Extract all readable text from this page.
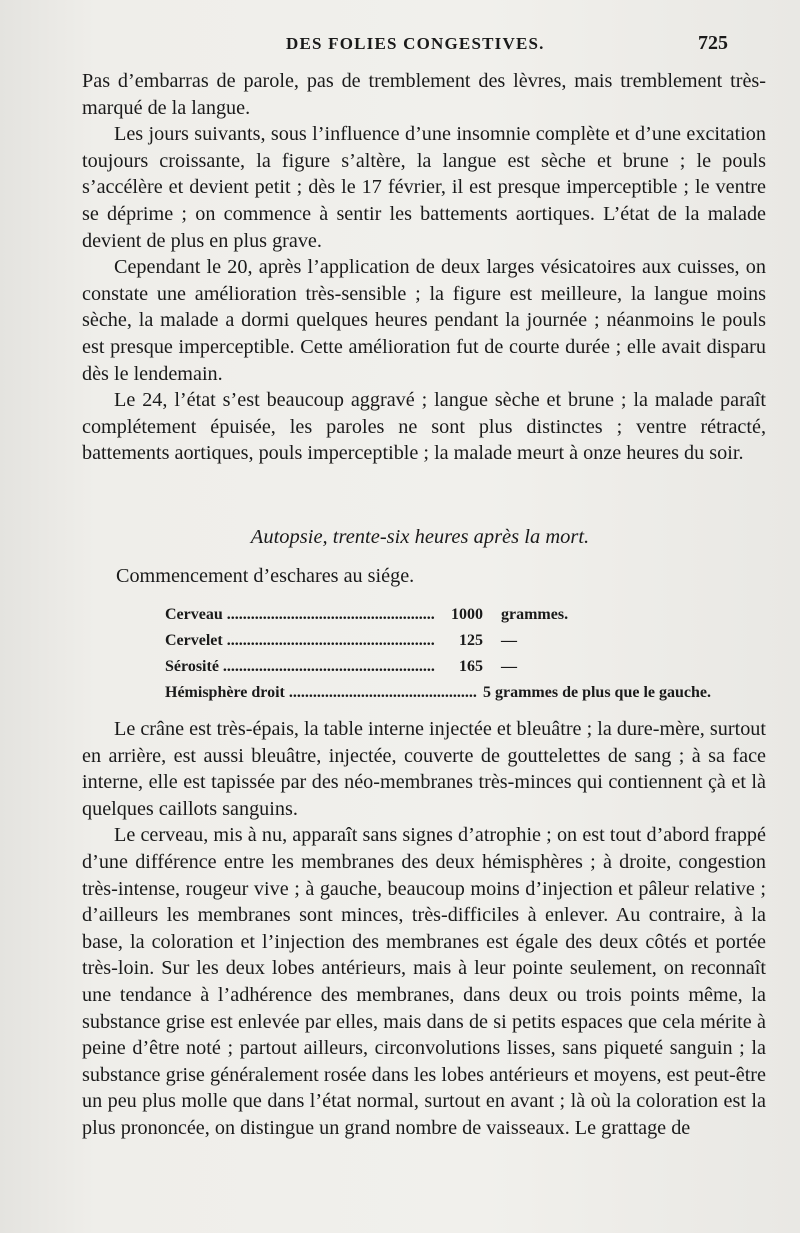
DES FOLIES CONGESTIVES.	725

Pas d’embarras de parole, pas de tremblement des lèvres, mais tremblement très-marqué de la langue.

Les jours suivants, sous l’influence d’une insomnie complète et d’une excitation toujours croissante, la figure s’altère, la langue est sèche et brune ; le pouls s’accélère et devient petit ; dès le 17 février, il est presque imperceptible ; le ventre se déprime ; on commence à sentir les battements aortiques. L’état de la malade devient de plus en plus grave.

Cependant le 20, après l’application de deux larges vésicatoires aux cuisses, on constate une amélioration très-sensible ; la figure est meilleure, la langue moins sèche, la malade a dormi quelques heures pendant la journée ; néanmoins le pouls est presque imperceptible. Cette amélioration fut de courte durée ; elle avait disparu dès le lendemain.

Le 24, l’état s’est beaucoup aggravé ; langue sèche et brune ; la malade paraît complétement épuisée, les paroles ne sont plus distinctes ; ventre rétracté, battements aortiques, pouls imperceptible ; la malade meurt à onze heures du soir.

Autopsie, trente-six heures après la mort.
Commencement d’eschares au siége.
Cerveau .....	1000	grammes.
Cervelet .....	125	—
Sérosité .....	165	—
Hémisphère droit .....	5 grammes de plus que le gauche.

Le crâne est très-épais, la table interne injectée et bleuâtre ; la dure-mère, surtout en arrière, est aussi bleuâtre, injectée, couverte de gouttelettes de sang ; à sa face interne, elle est tapissée par des néo-membranes très-minces qui contiennent çà et là quelques caillots sanguins.

Le cerveau, mis à nu, apparaît sans signes d’atrophie ; on est tout d’abord frappé d’une différence entre les membranes des deux hémisphères ; à droite, congestion très-intense, rougeur vive ; à gauche, beaucoup moins d’injection et pâleur relative ; d’ailleurs les membranes sont minces, très-difficiles à enlever. Au contraire, à la base, la coloration et l’injection des membranes est égale des deux côtés et portée très-loin. Sur les deux lobes antérieurs, mais à leur pointe seulement, on reconnaît une tendance à l’adhérence des membranes, dans deux ou trois points même, la substance grise est enlevée par elles, mais dans de si petits espaces que cela mérite à peine d’être noté ; partout ailleurs, circonvolutions lisses, sans piqueté sanguin ; la substance grise généralement rosée dans les lobes antérieurs et moyens, est peut-être un peu plus molle que dans l’état normal, surtout en avant ; là où la coloration est la plus prononcée, on distingue un grand nombre de vaisseaux. Le grattage de
